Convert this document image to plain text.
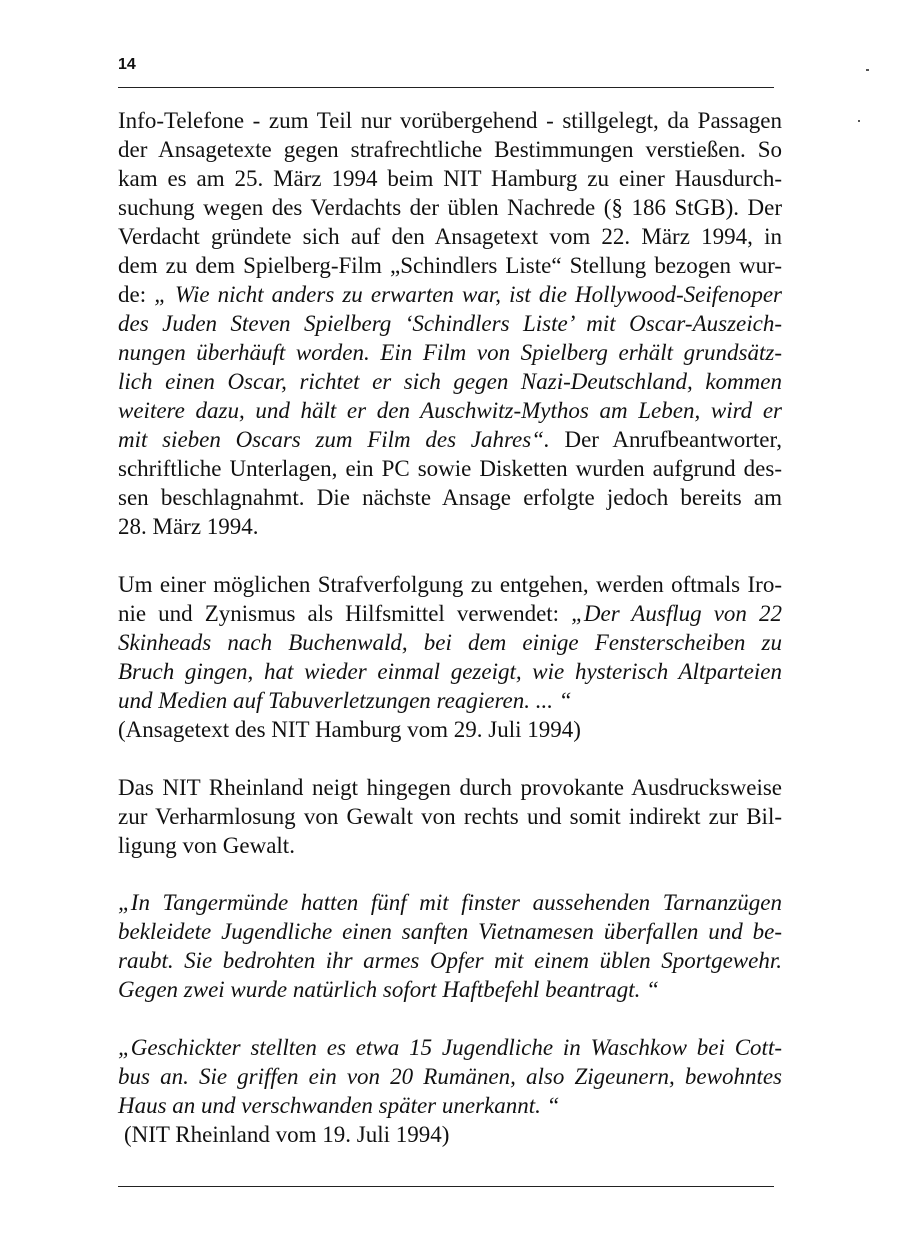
14
Info-Telefone - zum Teil nur vorübergehend - stillgelegt, da Passagen
der Ansagetexte gegen strafrechtliche Bestimmungen verstießen. So
kam es am 25. März 1994 beim NIT Hamburg zu einer Hausdurch-
suchung wegen des Verdachts der üblen Nachrede (§ 186 StGB). Der
Verdacht gründete sich auf den Ansagetext vom 22. März 1994, in
dem zu dem Spielberg-Film „Schindlers Liste“ Stellung bezogen wur-
de: „ Wie nicht anders zu erwarten war, ist die Hollywood-Seifenoper
des Juden Steven Spielberg ‘Schindlers Liste’ mit Oscar-Auszeich-
nungen überhäuft worden. Ein Film von Spielberg erhält grundsätz-
lich einen Oscar, richtet er sich gegen Nazi-Deutschland, kommen
weitere dazu, und hält er den Auschwitz-Mythos am Leben, wird er
mit sieben Oscars zum Film des Jahres“. Der Anrufbeantworter,
schriftliche Unterlagen, ein PC sowie Disketten wurden aufgrund des-
sen beschlagnahmt. Die nächste Ansage erfolgte jedoch bereits am
28. März 1994.
Um einer möglichen Strafverfolgung zu entgehen, werden oftmals Iro-
nie und Zynismus als Hilfsmittel verwendet: „Der Ausflug von 22
Skinheads nach Buchenwald, bei dem einige Fensterscheiben zu
Bruch gingen, hat wieder einmal gezeigt, wie hysterisch Altparteien
und Medien auf Tabuverletzungen reagieren. ... “
(Ansagetext des NIT Hamburg vom 29. Juli 1994)
Das NIT Rheinland neigt hingegen durch provokante Ausdrucksweise
zur Verharmlosung von Gewalt von rechts und somit indirekt zur Bil-
ligung von Gewalt.
„In Tangermünde hatten fünf mit finster aussehenden Tarnanzügen
bekleidete Jugendliche einen sanften Vietnamesen überfallen und be-
raubt. Sie bedrohten ihr armes Opfer mit einem üblen Sportgewehr.
Gegen zwei wurde natürlich sofort Haftbefehl beantragt. “
„Geschickter stellten es etwa 15 Jugendliche in Waschkow bei Cott-
bus an. Sie griffen ein von 20 Rumänen, also Zigeunern, bewohntes
Haus an und verschwanden später unerkannt. “
(NIT Rheinland vom 19. Juli 1994)
